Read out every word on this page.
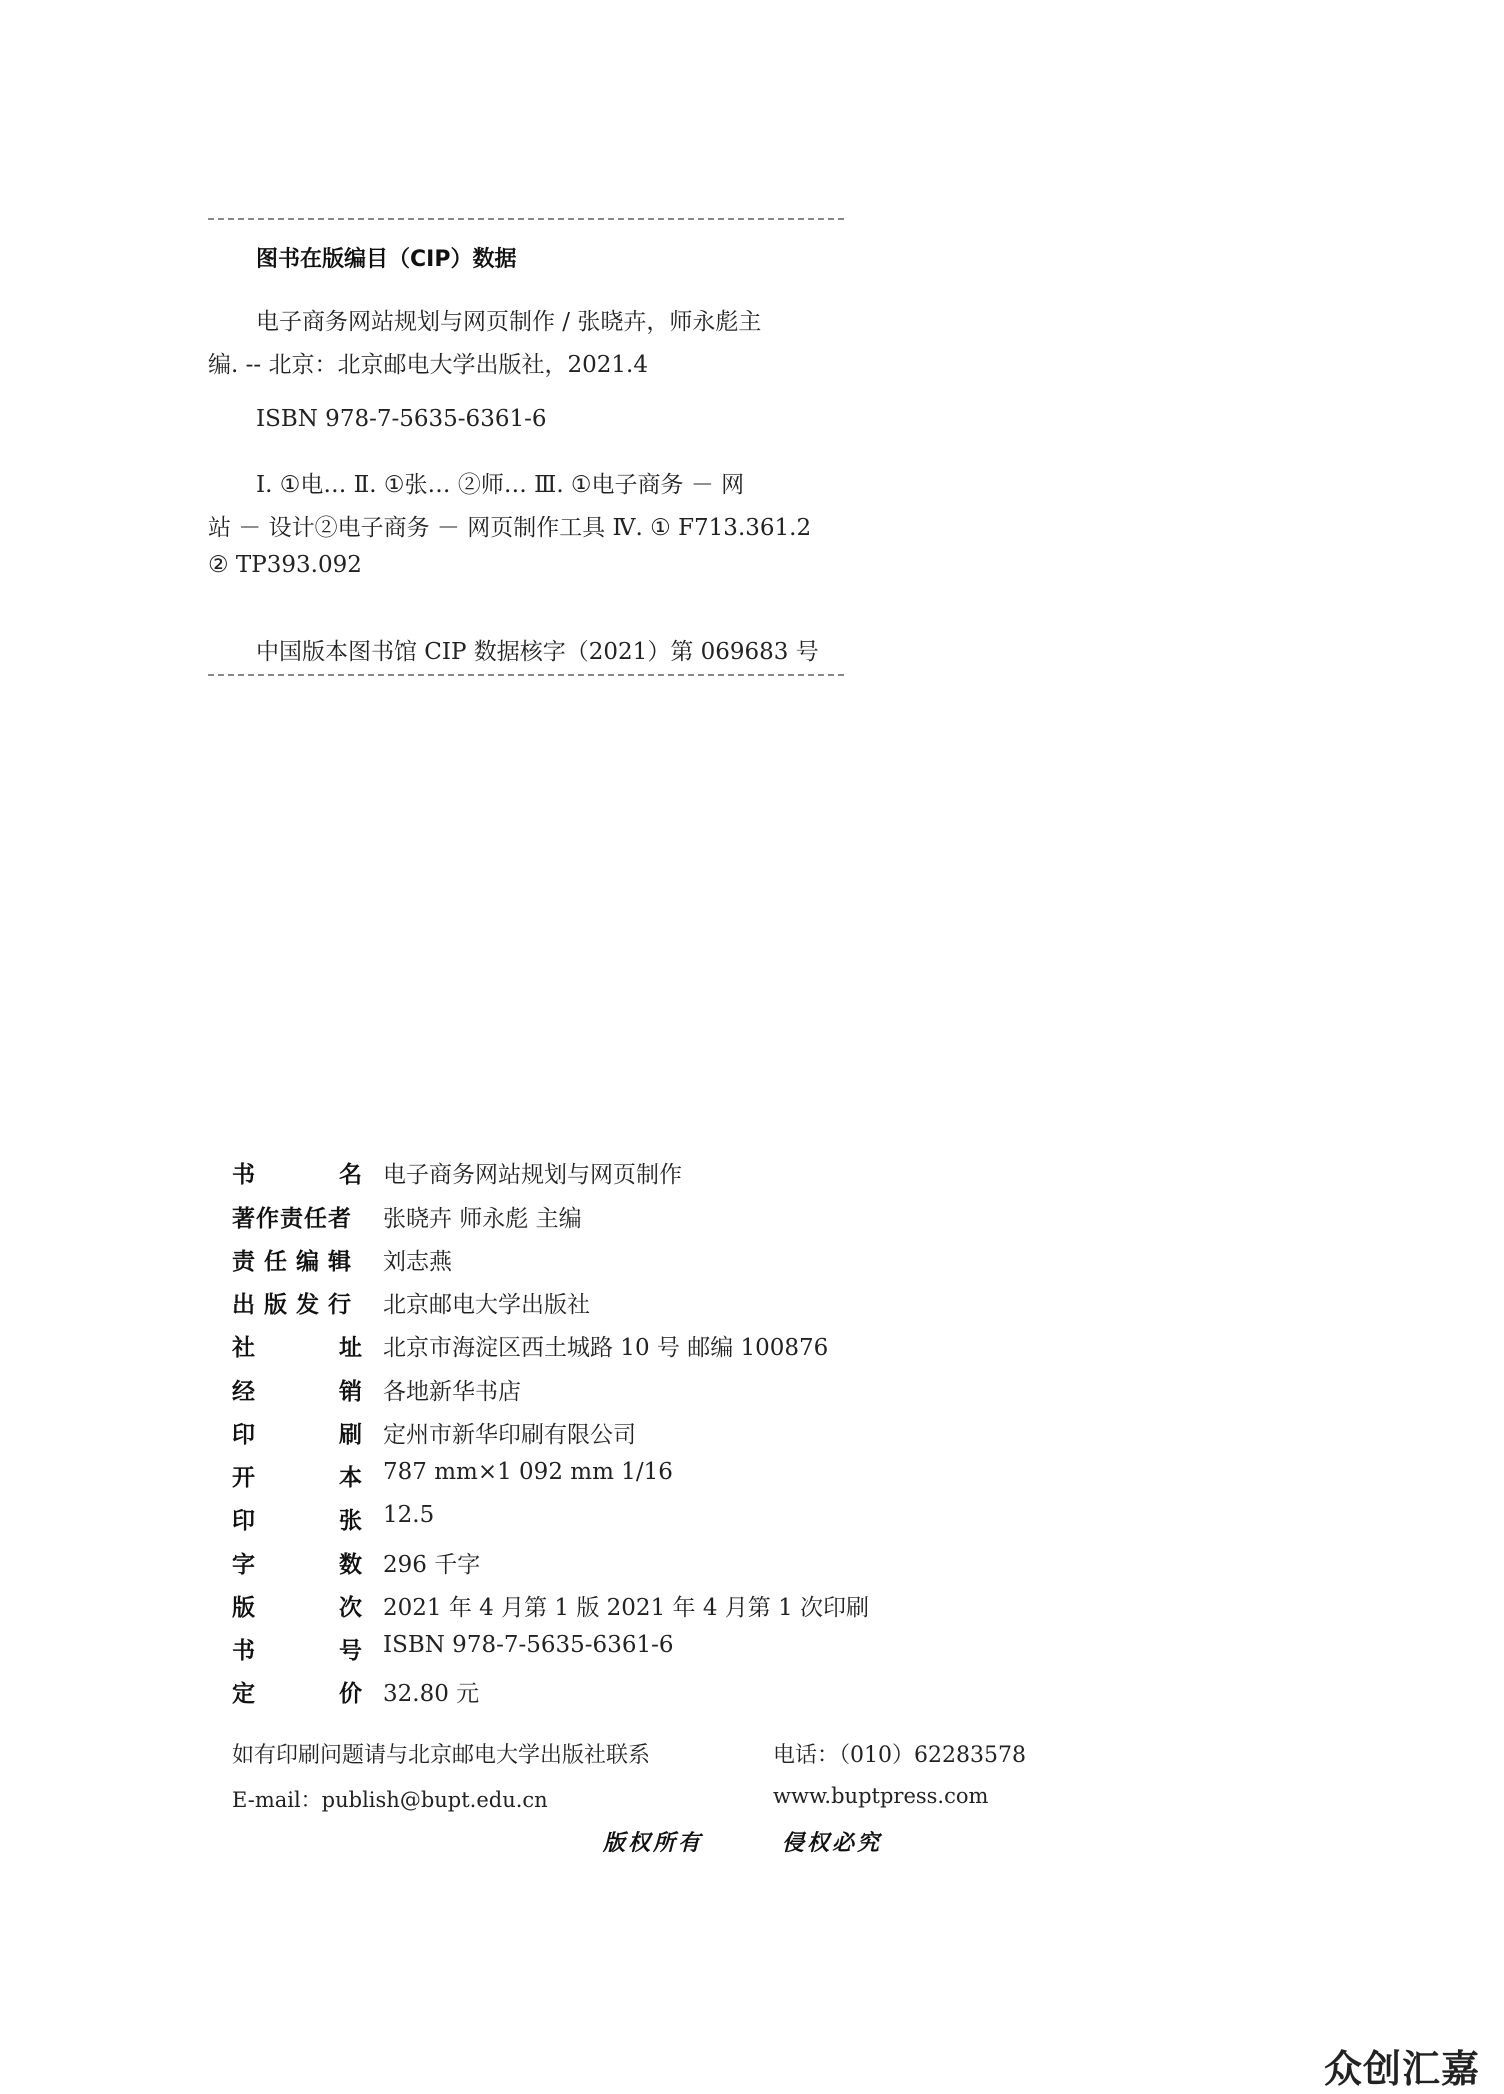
图书在版编目（CIP）数据
电子商务网站规划与网页制作 / 张晓卉，师永彪主
编. -- 北京：北京邮电大学出版社，2021.4
ISBN 978-7-5635-6361-6
Ⅰ. ①电… Ⅱ. ①张… ②师… Ⅲ. ①电子商务 － 网
站 － 设计②电子商务 － 网页制作工具 Ⅳ. ① F713.361.2
② TP393.092
中国版本图书馆 CIP 数据核字（2021）第 069683 号
书	名 电子商务网站规划与网页制作
著作责任者 张晓卉 师永彪 主编
责任编辑 刘志燕
出版发行 北京邮电大学出版社
社	址 北京市海淀区西土城路 10 号 邮编 100876
经	销 各地新华书店
印	刷 定州市新华印刷有限公司
开	本 787 mm×1 092 mm 1/16
印	张 12.5
字	数 296 千字
版	次 2021 年 4 月第 1 版 2021 年 4 月第 1 次印刷
书	号 ISBN 978-7-5635-6361-6
定	价 32.80 元
如有印刷问题请与北京邮电大学出版社联系	电话：（010）62283578
E-mail：publish@bupt.edu.cn	www.buptpress.com
版权所有	侵权必究
众创汇嘉
